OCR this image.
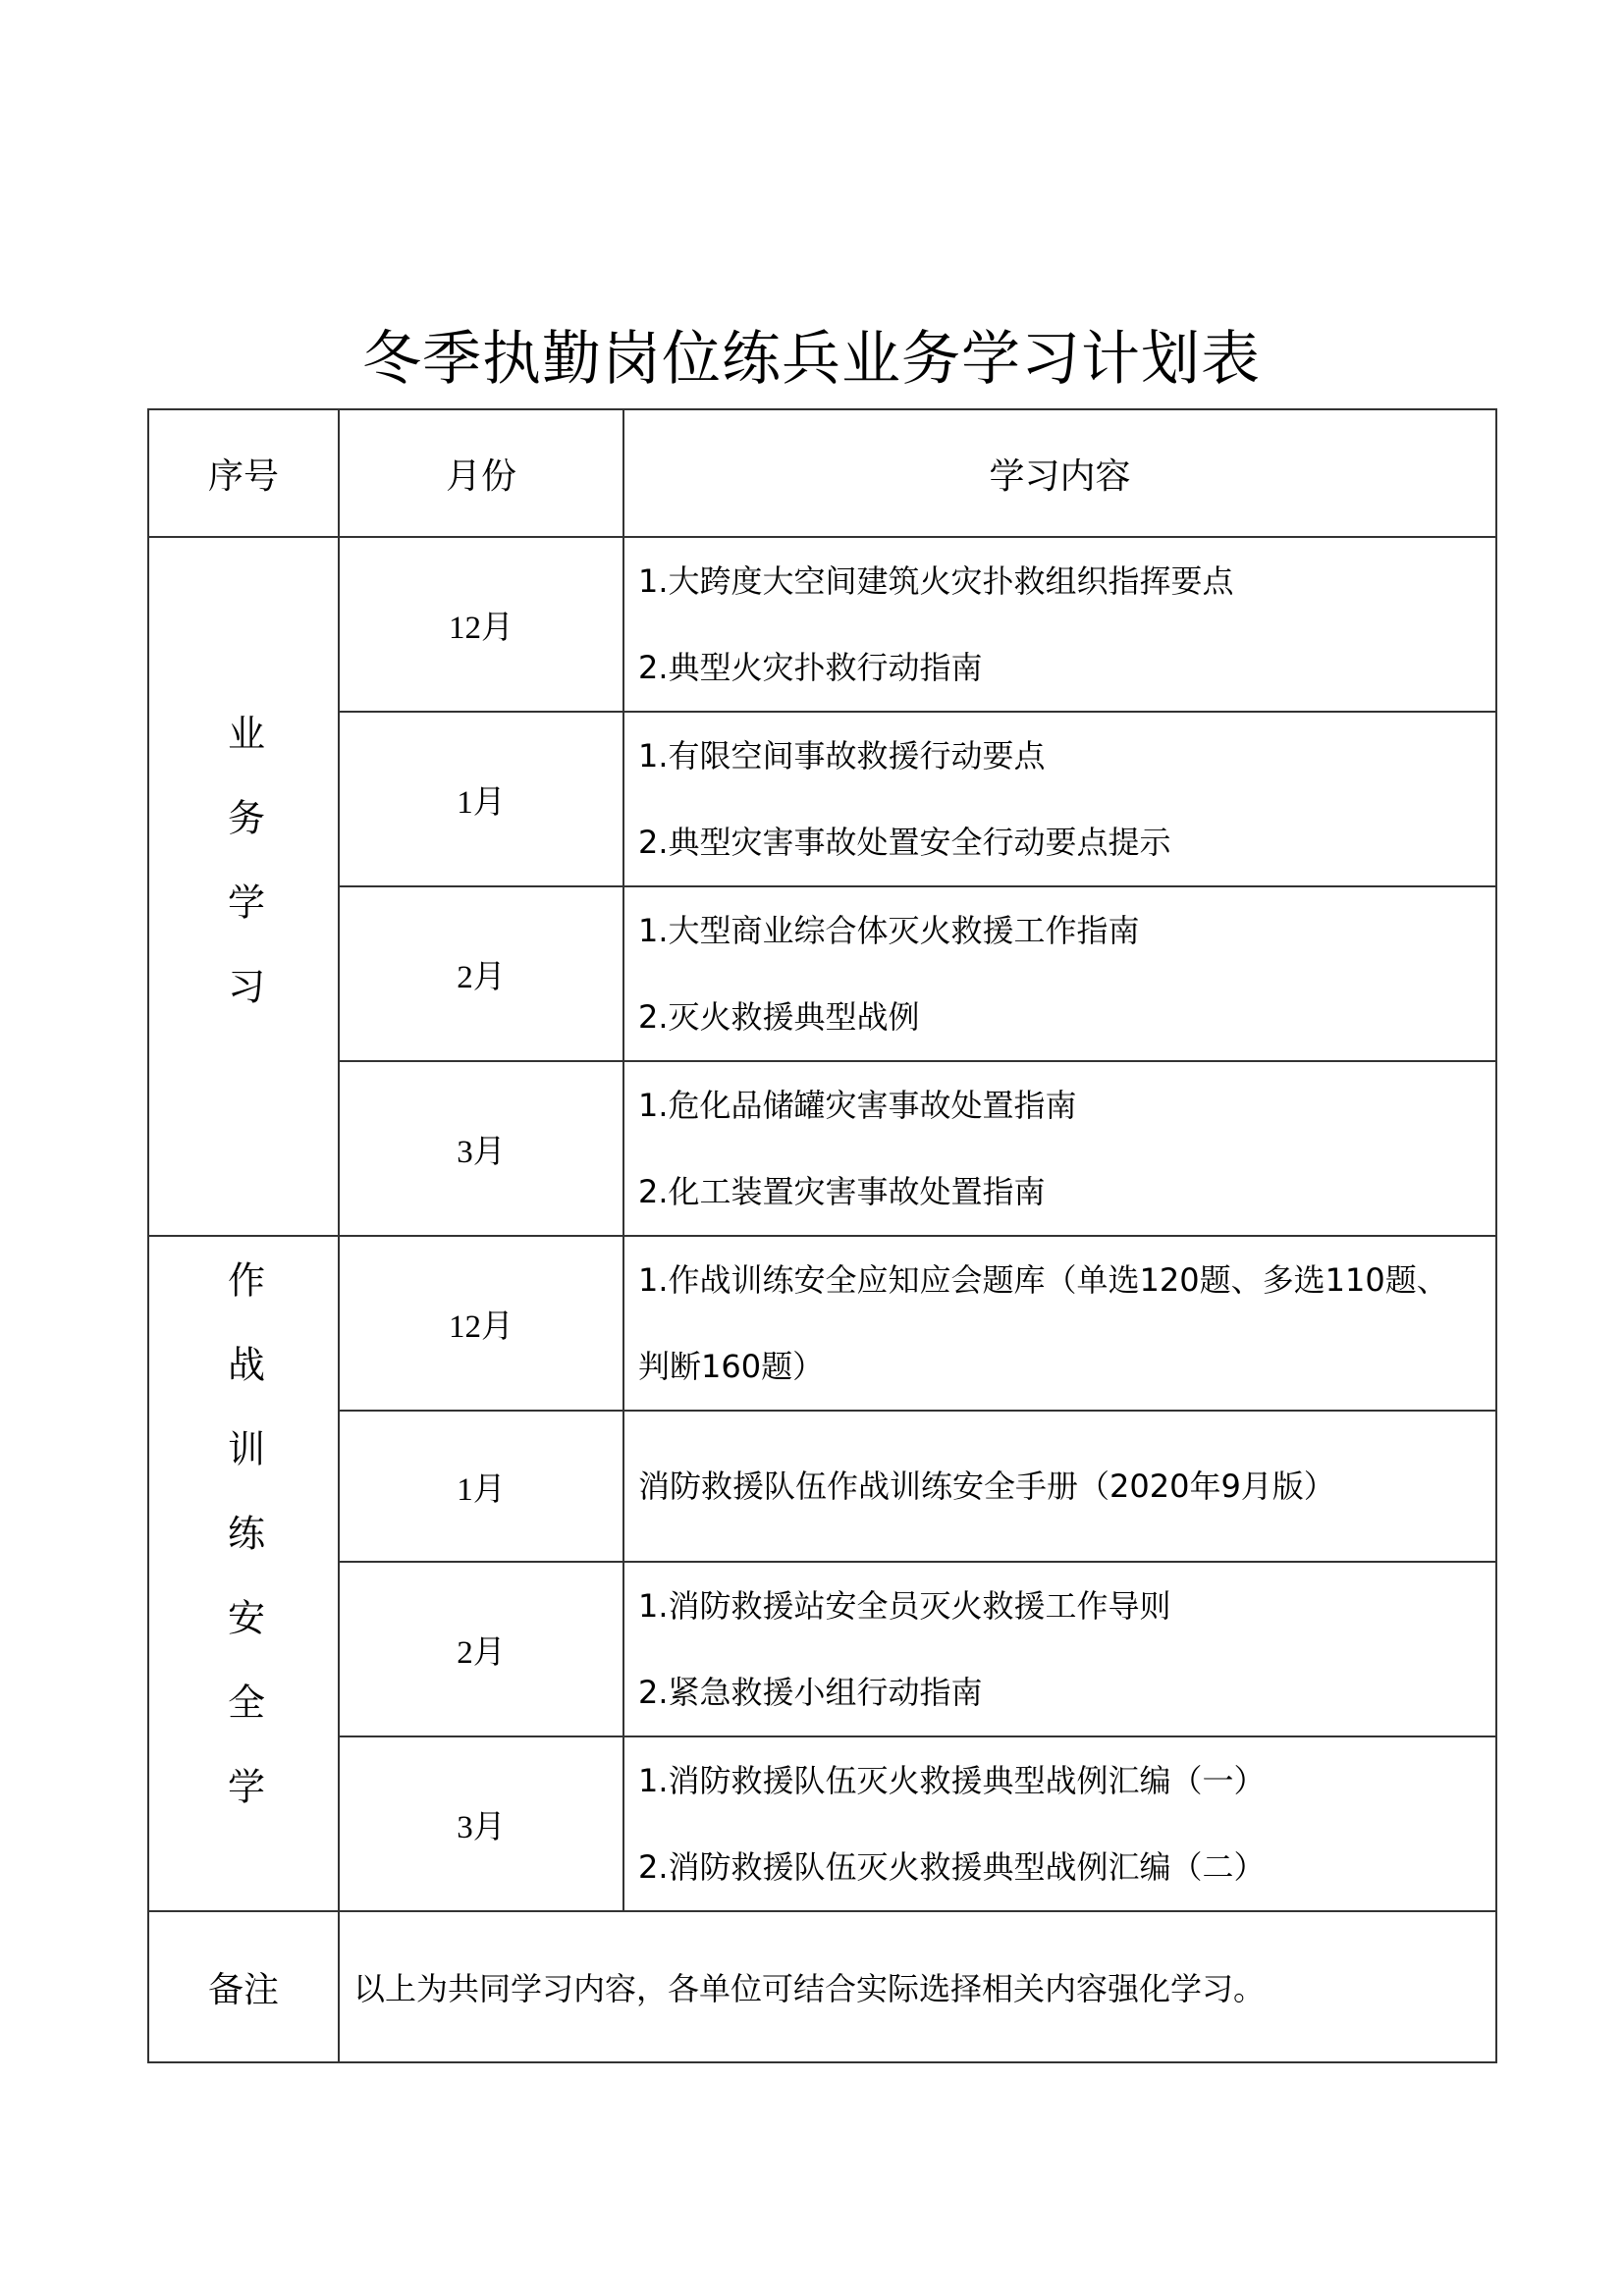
冬季执勤岗位练兵业务学习计划表
序号	月份	学习内容
业务学习	12月	1.大跨度大空间建筑火灾扑救组织指挥要点
2.典型火灾扑救行动指南

	1月	1.有限空间事故救援行动要点
2.典型灾害事故处置安全行动要点提示

	2月	1.大型商业综合体灭火救援工作指南
2.灭火救援典型战例

	3月	1.危化品储罐灾害事故处置指南
2.化工装置灾害事故处置指南

作战训练安全学	12月	1.作战训练安全应知应会题库（单选120题、多选110题、
判断160题）

	1月	消防救援队伍作战训练安全手册（2020年9月版）

	2月	1.消防救援站安全员灭火救援工作导则
2.紧急救援小组行动指南

	3月	1.消防救援队伍灭火救援典型战例汇编（一）
2.消防救援队伍灭火救援典型战例汇编（二）

备注	以上为共同学习内容，各单位可结合实际选择相关内容强化学习。	
